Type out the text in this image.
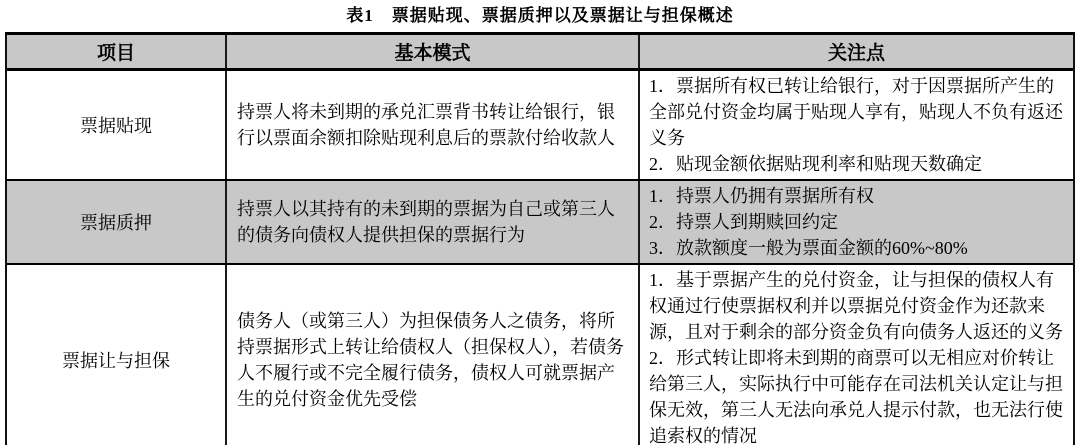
表1　票据贴现、票据质押以及票据让与担保概述
项目	基本模式	关注点
票据贴现

持票人将未到期的承兑汇票背书转让给银行，银行以票面余额扣除贴现利息后的票款付给收款人

1．票据所有权已转让给银行，对于因票据所产生的全部兑付资金均属于贴现人享有，贴现人不负有返还义务

2．贴现金额依据贴现利率和贴现天数确定

票据质押

持票人以其持有的未到期的票据为自己或第三人的债务向债权人提供担保的票据行为

1．持票人仍拥有票据所有权

2．持票人到期赎回约定

3．放款额度一般为票面金额的60%~80%

票据让与担保

债务人（或第三人）为担保债务人之债务，将所持票据形式上转让给债权人（担保权人），若债务人不履行或不完全履行债务，债权人可就票据产生的兑付资金优先受偿

1．基于票据产生的兑付资金，让与担保的债权人有权通过行使票据权利并以票据兑付资金作为还款来源，且对于剩余的部分资金负有向债务人返还的义务

2．形式转让即将未到期的商票可以无相应对价转让给第三人，实际执行中可能存在司法机关认定让与担保无效，第三人无法向承兑人提示付款，也无法行使追索权的情况
